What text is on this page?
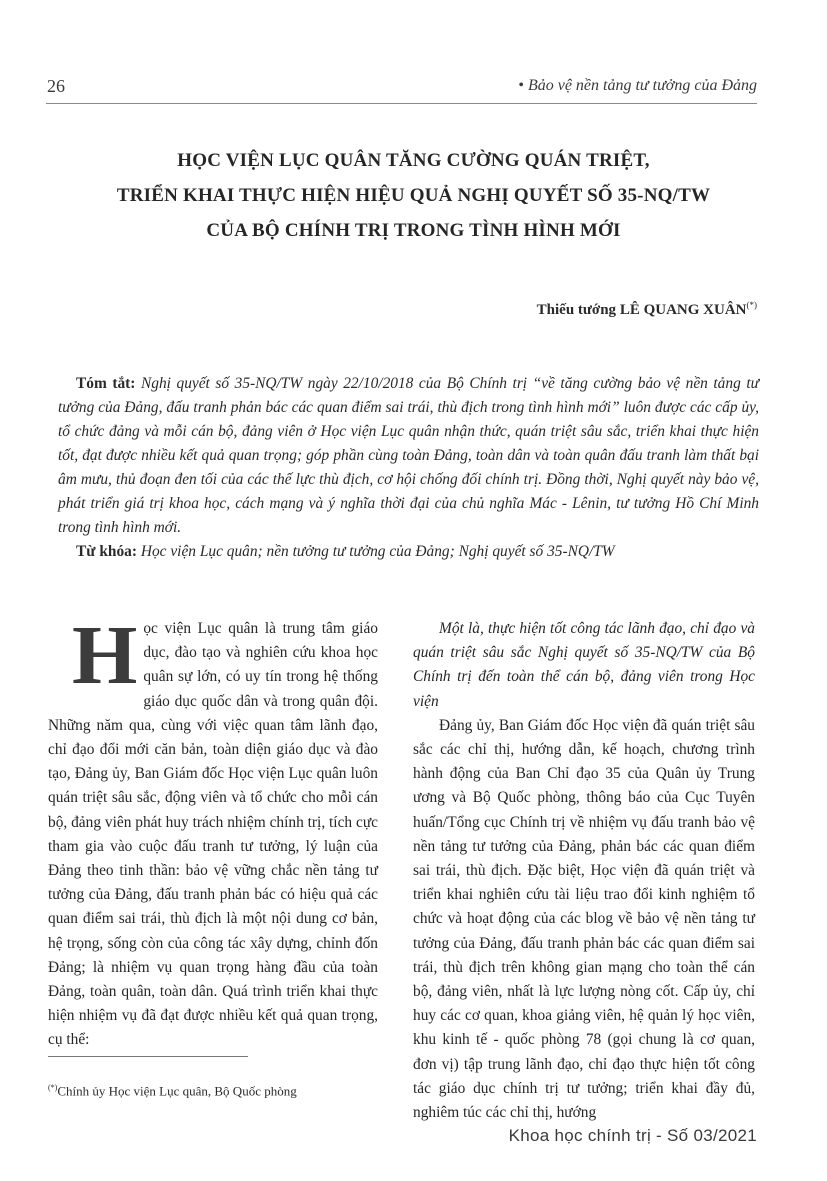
26	• Bảo vệ nền tảng tư tưởng của Đảng
HỌC VIỆN LỤC QUÂN TĂNG CƯỜNG QUÁN TRIỆT,
TRIỂN KHAI THỰC HIỆN HIỆU QUẢ NGHỊ QUYẾT SỐ 35-NQ/TW
CỦA BỘ CHÍNH TRỊ TRONG TÌNH HÌNH MỚI
Thiếu tướng LÊ QUANG XUÂN(*)

Tóm tắt: Nghị quyết số 35-NQ/TW ngày 22/10/2018 của Bộ Chính trị “về tăng cường bảo vệ nền tảng tư tưởng của Đảng, đấu tranh phản bác các quan điểm sai trái, thù địch trong tình hình mới” luôn được các cấp ủy, tổ chức đảng và mỗi cán bộ, đảng viên ở Học viện Lục quân nhận thức, quán triệt sâu sắc, triển khai thực hiện tốt, đạt được nhiều kết quả quan trọng; góp phần cùng toàn Đảng, toàn dân và toàn quân đấu tranh làm thất bại âm mưu, thủ đoạn đen tối của các thế lực thù địch, cơ hội chống đối chính trị. Đồng thời, Nghị quyết này bảo vệ, phát triển giá trị khoa học, cách mạng và ý nghĩa thời đại của chủ nghĩa Mác - Lênin, tư tưởng Hồ Chí Minh trong tình hình mới.

Từ khóa: Học viện Lục quân; nền tưởng tư tưởng của Đảng; Nghị quyết số 35-NQ/TW

H ọc viện Lục quân là trung tâm giáo dục, đào tạo và nghiên cứu khoa học quân sự lớn, có uy tín trong hệ thống giáo dục quốc dân và trong quân đội. Những năm qua, cùng với việc quan tâm lãnh đạo, chỉ đạo đổi mới căn bản, toàn diện giáo dục và đào tạo, Đảng ủy, Ban Giám đốc Học viện Lục quân luôn quán triệt sâu sắc, động viên và tổ chức cho mỗi cán bộ, đảng viên phát huy trách nhiệm chính trị, tích cực tham gia vào cuộc đấu tranh tư tưởng, lý luận của Đảng theo tinh thần: bảo vệ vững chắc nền tảng tư tưởng của Đảng, đấu tranh phản bác có hiệu quả các quan điểm sai trái, thù địch là một nội dung cơ bản, hệ trọng, sống còn của công tác xây dựng, chỉnh đốn Đảng; là nhiệm vụ quan trọng hàng đầu của toàn Đảng, toàn quân, toàn dân. Quá trình triển khai thực hiện nhiệm vụ đã đạt được nhiều kết quả quan trọng, cụ thể:

Một là, thực hiện tốt công tác lãnh đạo, chỉ đạo và quán triệt sâu sắc Nghị quyết số 35-NQ/TW của Bộ Chính trị đến toàn thể cán bộ, đảng viên trong Học viện

Đảng ủy, Ban Giám đốc Học viện đã quán triệt sâu sắc các chỉ thị, hướng dẫn, kế hoạch, chương trình hành động của Ban Chỉ đạo 35 của Quân ủy Trung ương và Bộ Quốc phòng, thông báo của Cục Tuyên huấn/Tổng cục Chính trị về nhiệm vụ đấu tranh bảo vệ nền tảng tư tưởng của Đảng, phản bác các quan điểm sai trái, thù địch. Đặc biệt, Học viện đã quán triệt và triển khai nghiên cứu tài liệu trao đổi kinh nghiệm tổ chức và hoạt động của các blog về bảo vệ nền tảng tư tưởng của Đảng, đấu tranh phản bác các quan điểm sai trái, thù địch trên không gian mạng cho toàn thể cán bộ, đảng viên, nhất là lực lượng nòng cốt. Cấp ủy, chỉ huy các cơ quan, khoa giảng viên, hệ quản lý học viên, khu kinh tế - quốc phòng 78 (gọi chung là cơ quan, đơn vị) tập trung lãnh đạo, chỉ đạo thực hiện tốt công tác giáo dục chính trị tư tưởng; triển khai đầy đủ, nghiêm túc các chỉ thị, hướng

(*)Chính ủy Học viện Lục quân, Bộ Quốc phòng
Khoa học chính trị - Số 03/2021
